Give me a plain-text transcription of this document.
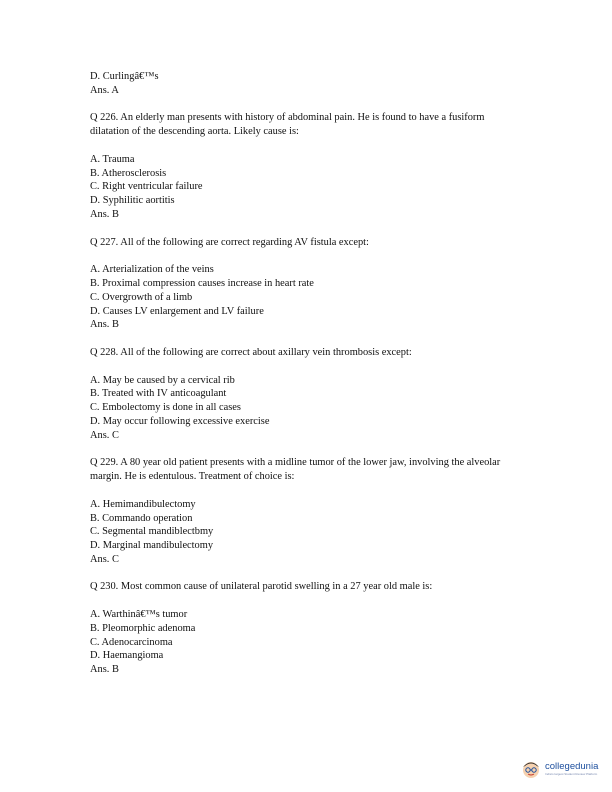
D. Curlingâ€™s
Ans. A

Q 226. An elderly man presents with history of abdominal pain. He is found to have a fusiform dilatation of the descending aorta. Likely cause is:

A. Trauma
B. Atherosclerosis
C. Right ventricular failure
D. Syphilitic aortitis
Ans. B

Q 227. All of the following are correct regarding AV fistula except:

A. Arterialization of the veins
B. Proximal compression causes increase in heart rate
C. Overgrowth of a limb
D. Causes LV enlargement and LV failure
Ans. B

Q 228. All of the following are correct about axillary vein thrombosis except:

A. May be caused by a cervical rib
B. Treated with IV anticoagulant
C. Embolectomy is done in all cases
D. May occur following excessive exercise
Ans. C

Q 229. A 80 year old patient presents with a midline tumor of the lower jaw, involving the alveolar margin. He is edentulous. Treatment of choice is:

A. Hemimandibulectomy
B. Commando operation
C. Segmental mandiblectbmy
D. Marginal mandibulectomy
Ans. C

Q 230. Most common cause of unilateral parotid swelling in a 27 year old male is:

A. Warthinâ€™s tumor
B. Pleomorphic adenoma
C. Adenocarcinoma
D. Haemangioma
Ans. B
collegedunia
India's largest Student Review Platform
